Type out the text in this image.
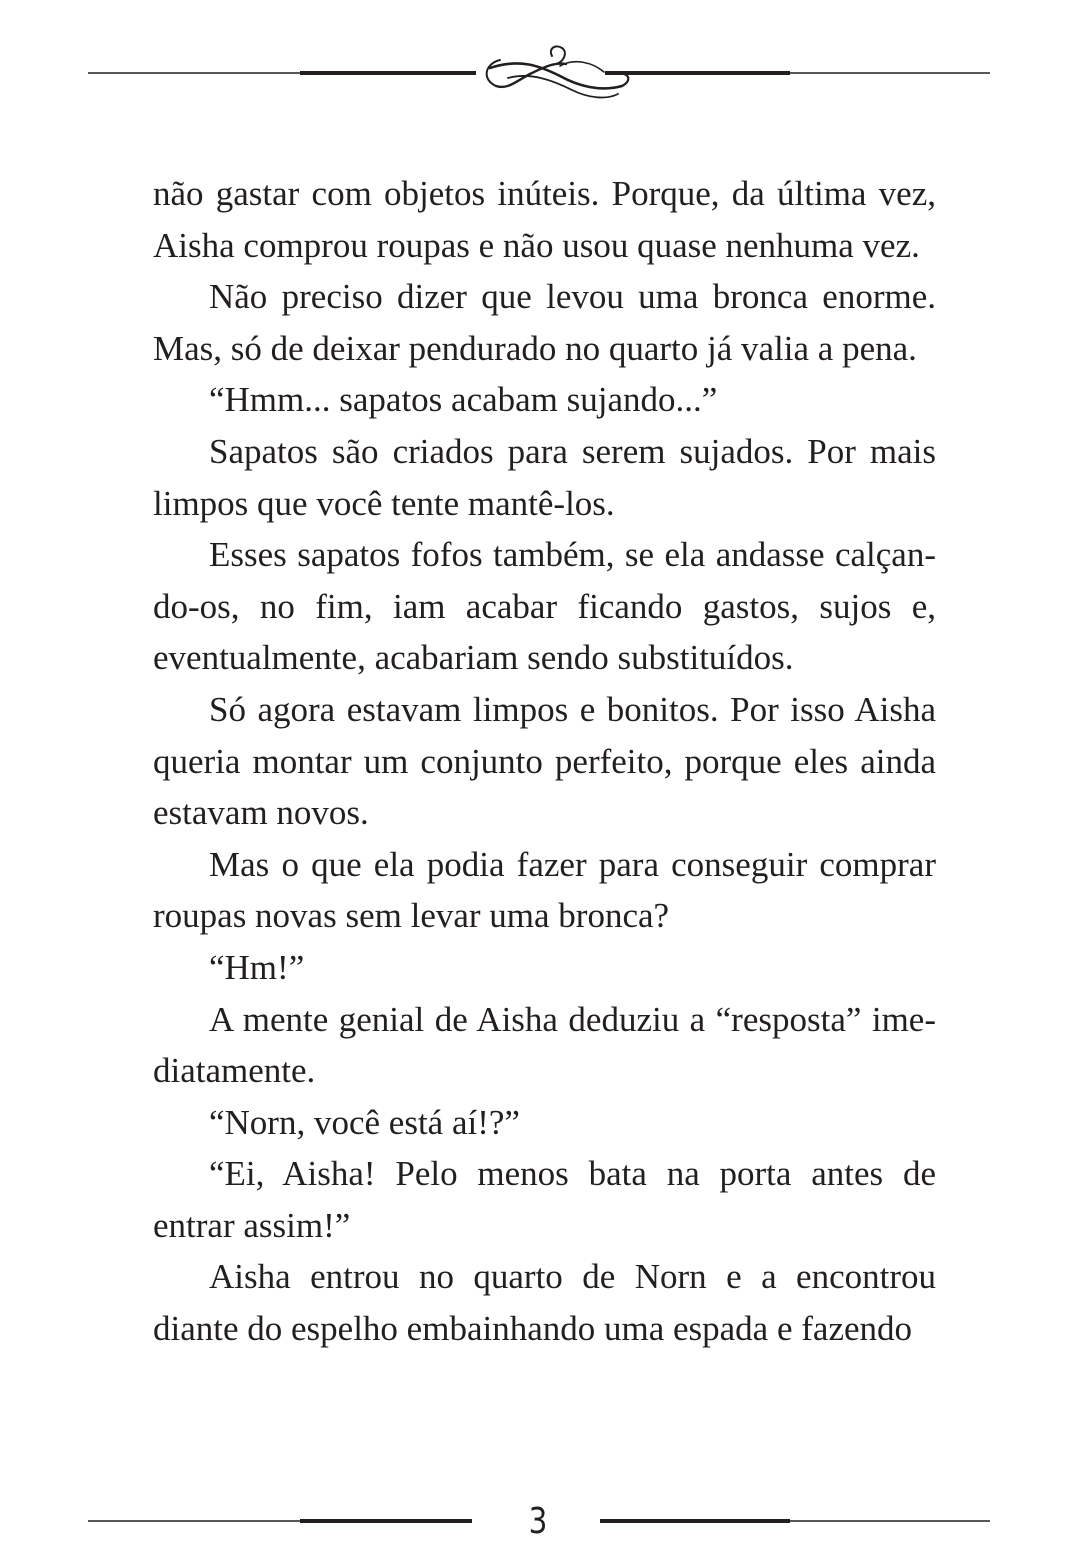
não gastar com objetos inúteis. Porque, da última vez, Aisha comprou roupas e não usou quase nenhuma vez.

Não preciso dizer que levou uma bronca enorme. Mas, só de deixar pendurado no quarto já valia a pena.

“Hmm... sapatos acabam sujando...”

Sapatos são criados para serem sujados. Por mais limpos que você tente mantê-los.

Esses sapatos fofos também, se ela andasse calçando-os, no fim, iam acabar ficando gastos, sujos e, eventualmente, acabariam sendo substituídos.

Só agora estavam limpos e bonitos. Por isso Aisha queria montar um conjunto perfeito, porque eles ainda estavam novos.

Mas o que ela podia fazer para conseguir comprar roupas novas sem levar uma bronca?

“Hm!”

A mente genial de Aisha deduziu a “resposta” imediatamente.

“Norn, você está aí!?”

“Ei, Aisha! Pelo menos bata na porta antes de entrar assim!”

Aisha entrou no quarto de Norn e a encontrou diante do espelho embainhando uma espada e fazendo

3
